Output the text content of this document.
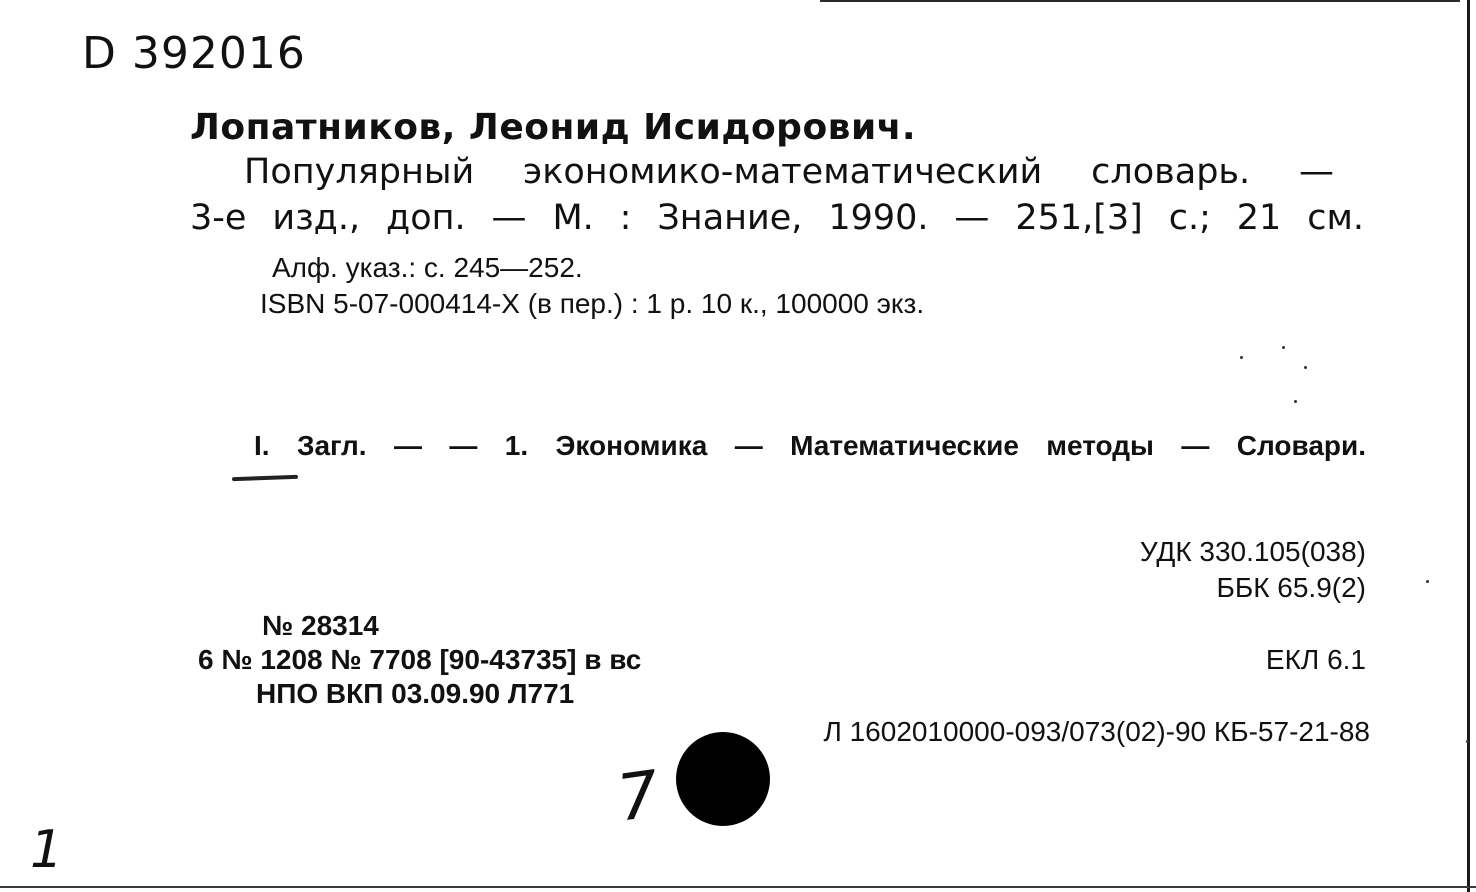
D 392016
Лопатников, Леонид Исидорович.
Популярный экономико-математический словарь. —
3-е изд., доп. — М. : Знание, 1990. — 251,[3] с.; 21 см.
Алф. указ.: с. 245—252.
ISBN 5-07-000414-X (в пер.) : 1 р. 10 к., 100000 экз.
I. Загл. — — 1. Экономика — Математические методы — Словари.
УДК 330.105(038)
ББК 65.9(2)
№ 28314
6 № 1208 № 7708 [90-43735] в вс	ЕКЛ 6.1
НПО ВКП 03.09.90 Л771
Л 1602010000-093/073(02)-90 КБ-57-21-88
7
1
